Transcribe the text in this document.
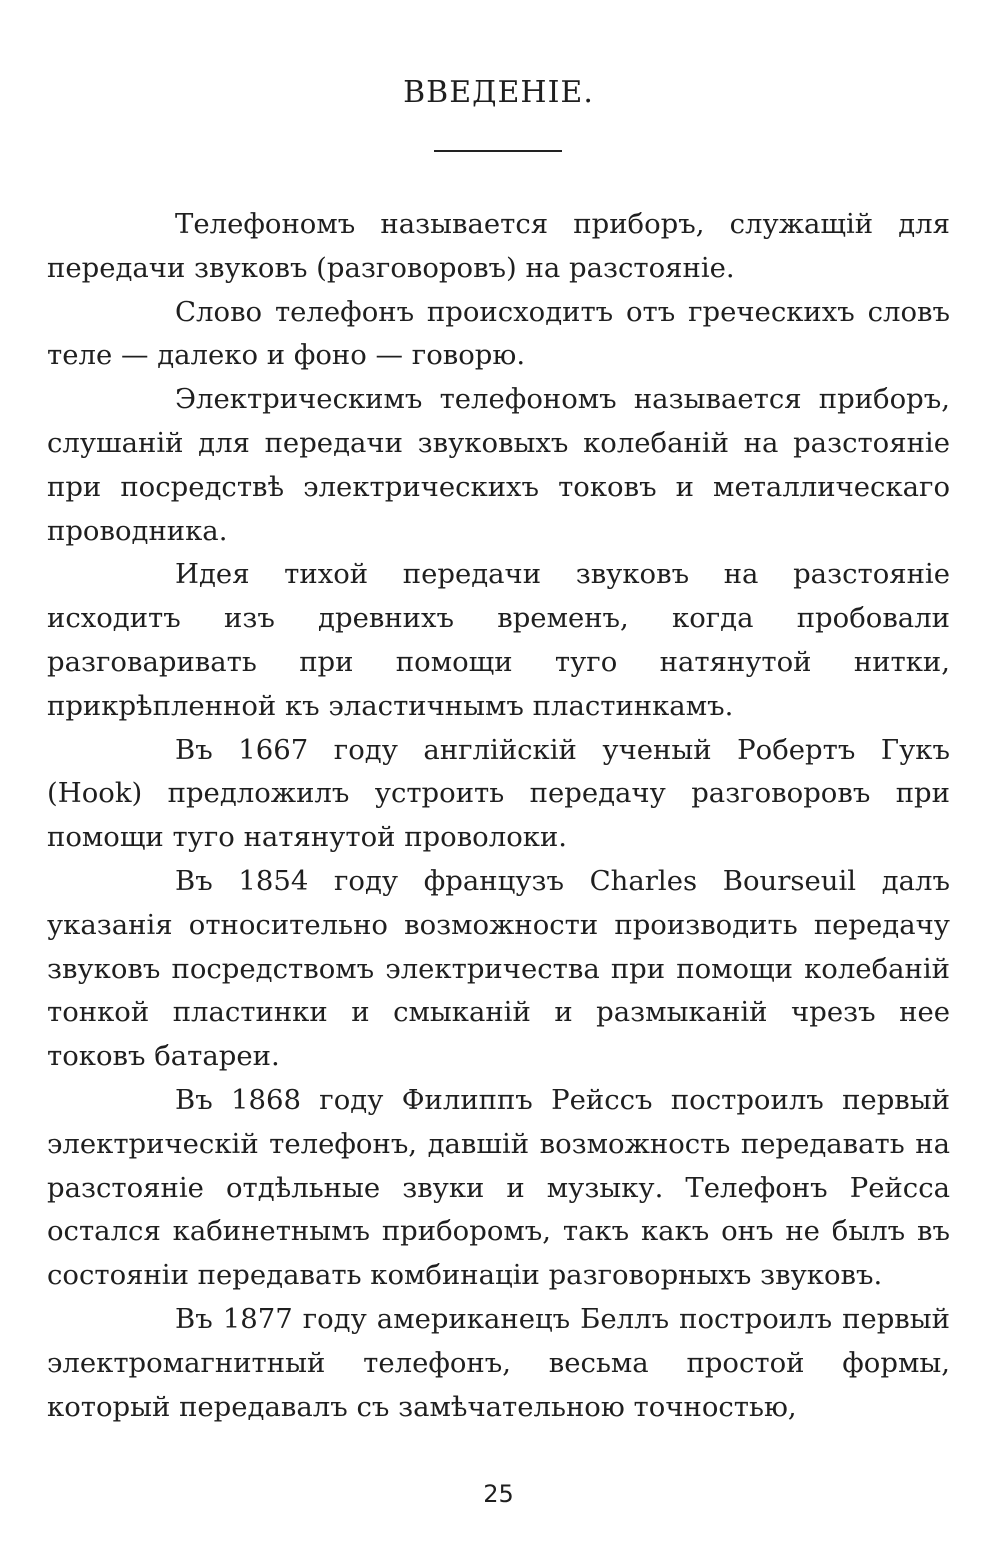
ВВЕДЕНІЕ.

Телефономъ называется приборъ, служащій для передачи звуковъ (разговоровъ) на разстояніе.

Слово телефонъ происходитъ отъ греческихъ словъ теле — далеко и фоно — говорю.

Электрическимъ телефономъ называется приборъ, слушаній для передачи звуковыхъ колебаній на разстояніе при посредствѣ электрическихъ токовъ и металлическаго проводника.

Идея тихой передачи звуковъ на разстояніе исходитъ изъ древнихъ временъ, когда пробовали разговаривать при помощи туго натянутой нитки, прикрѣпленной къ эластичнымъ пластинкамъ.

Въ 1667 году англійскій ученый Робертъ Гукъ (Hook) предложилъ устроить передачу разговоровъ при помощи туго натянутой проволоки.

Въ 1854 году французъ Charles Bourseuil далъ указанія относительно возможности производить передачу звуковъ посредствомъ электричества при помощи колебаній тонкой пластинки и смыканій и размыканій чрезъ нее токовъ батареи.

Въ 1868 году Филиппъ Рейссъ построилъ первый электрическій телефонъ, давшій возможность передавать на разстояніе отдѣльные звуки и музыку. Телефонъ Рейсса остался кабинетнымъ приборомъ, такъ какъ онъ не былъ въ состояніи передавать комбинаціи разговорныхъ звуковъ.

Въ 1877 году американецъ Беллъ построилъ первый электромагнитный телефонъ, весьма простой формы, который передавалъ съ замѣчательною точностью,

25
